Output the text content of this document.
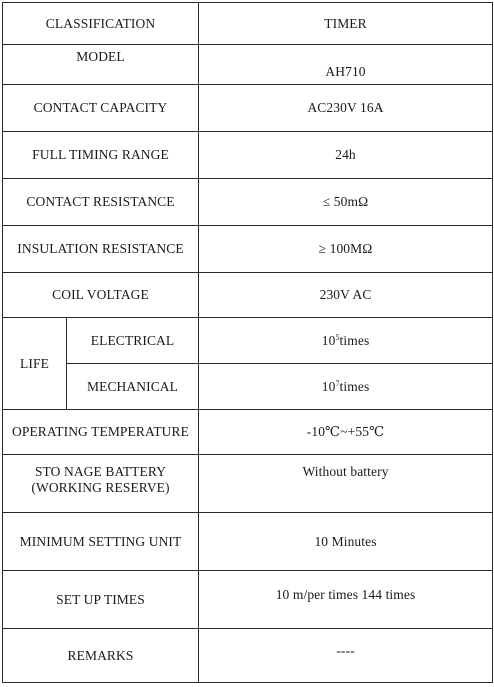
CLASSIFICATION		TIMER
MODEL		AH710
CONTACT CAPACITY		AC230V 16A
FULL TIMING RANGE		24h
CONTACT RESISTANCE		≤ 50mΩ
INSULATION RESISTANCE		≥ 100MΩ
COIL VOLTAGE		230V AC
LIFE	ELECTRICAL	$10^5times$
	MECHANICAL	$10^7times$
OPERATING TEMPERATURE		-10℃~+55℃

STO NAGE BATTERY
(WORKING RESERVE)		Without battery
MINIMUM SETTING UNIT		10 Minutes
SET UP TIMES		10 m/per times 144 times
REMARKS		----
